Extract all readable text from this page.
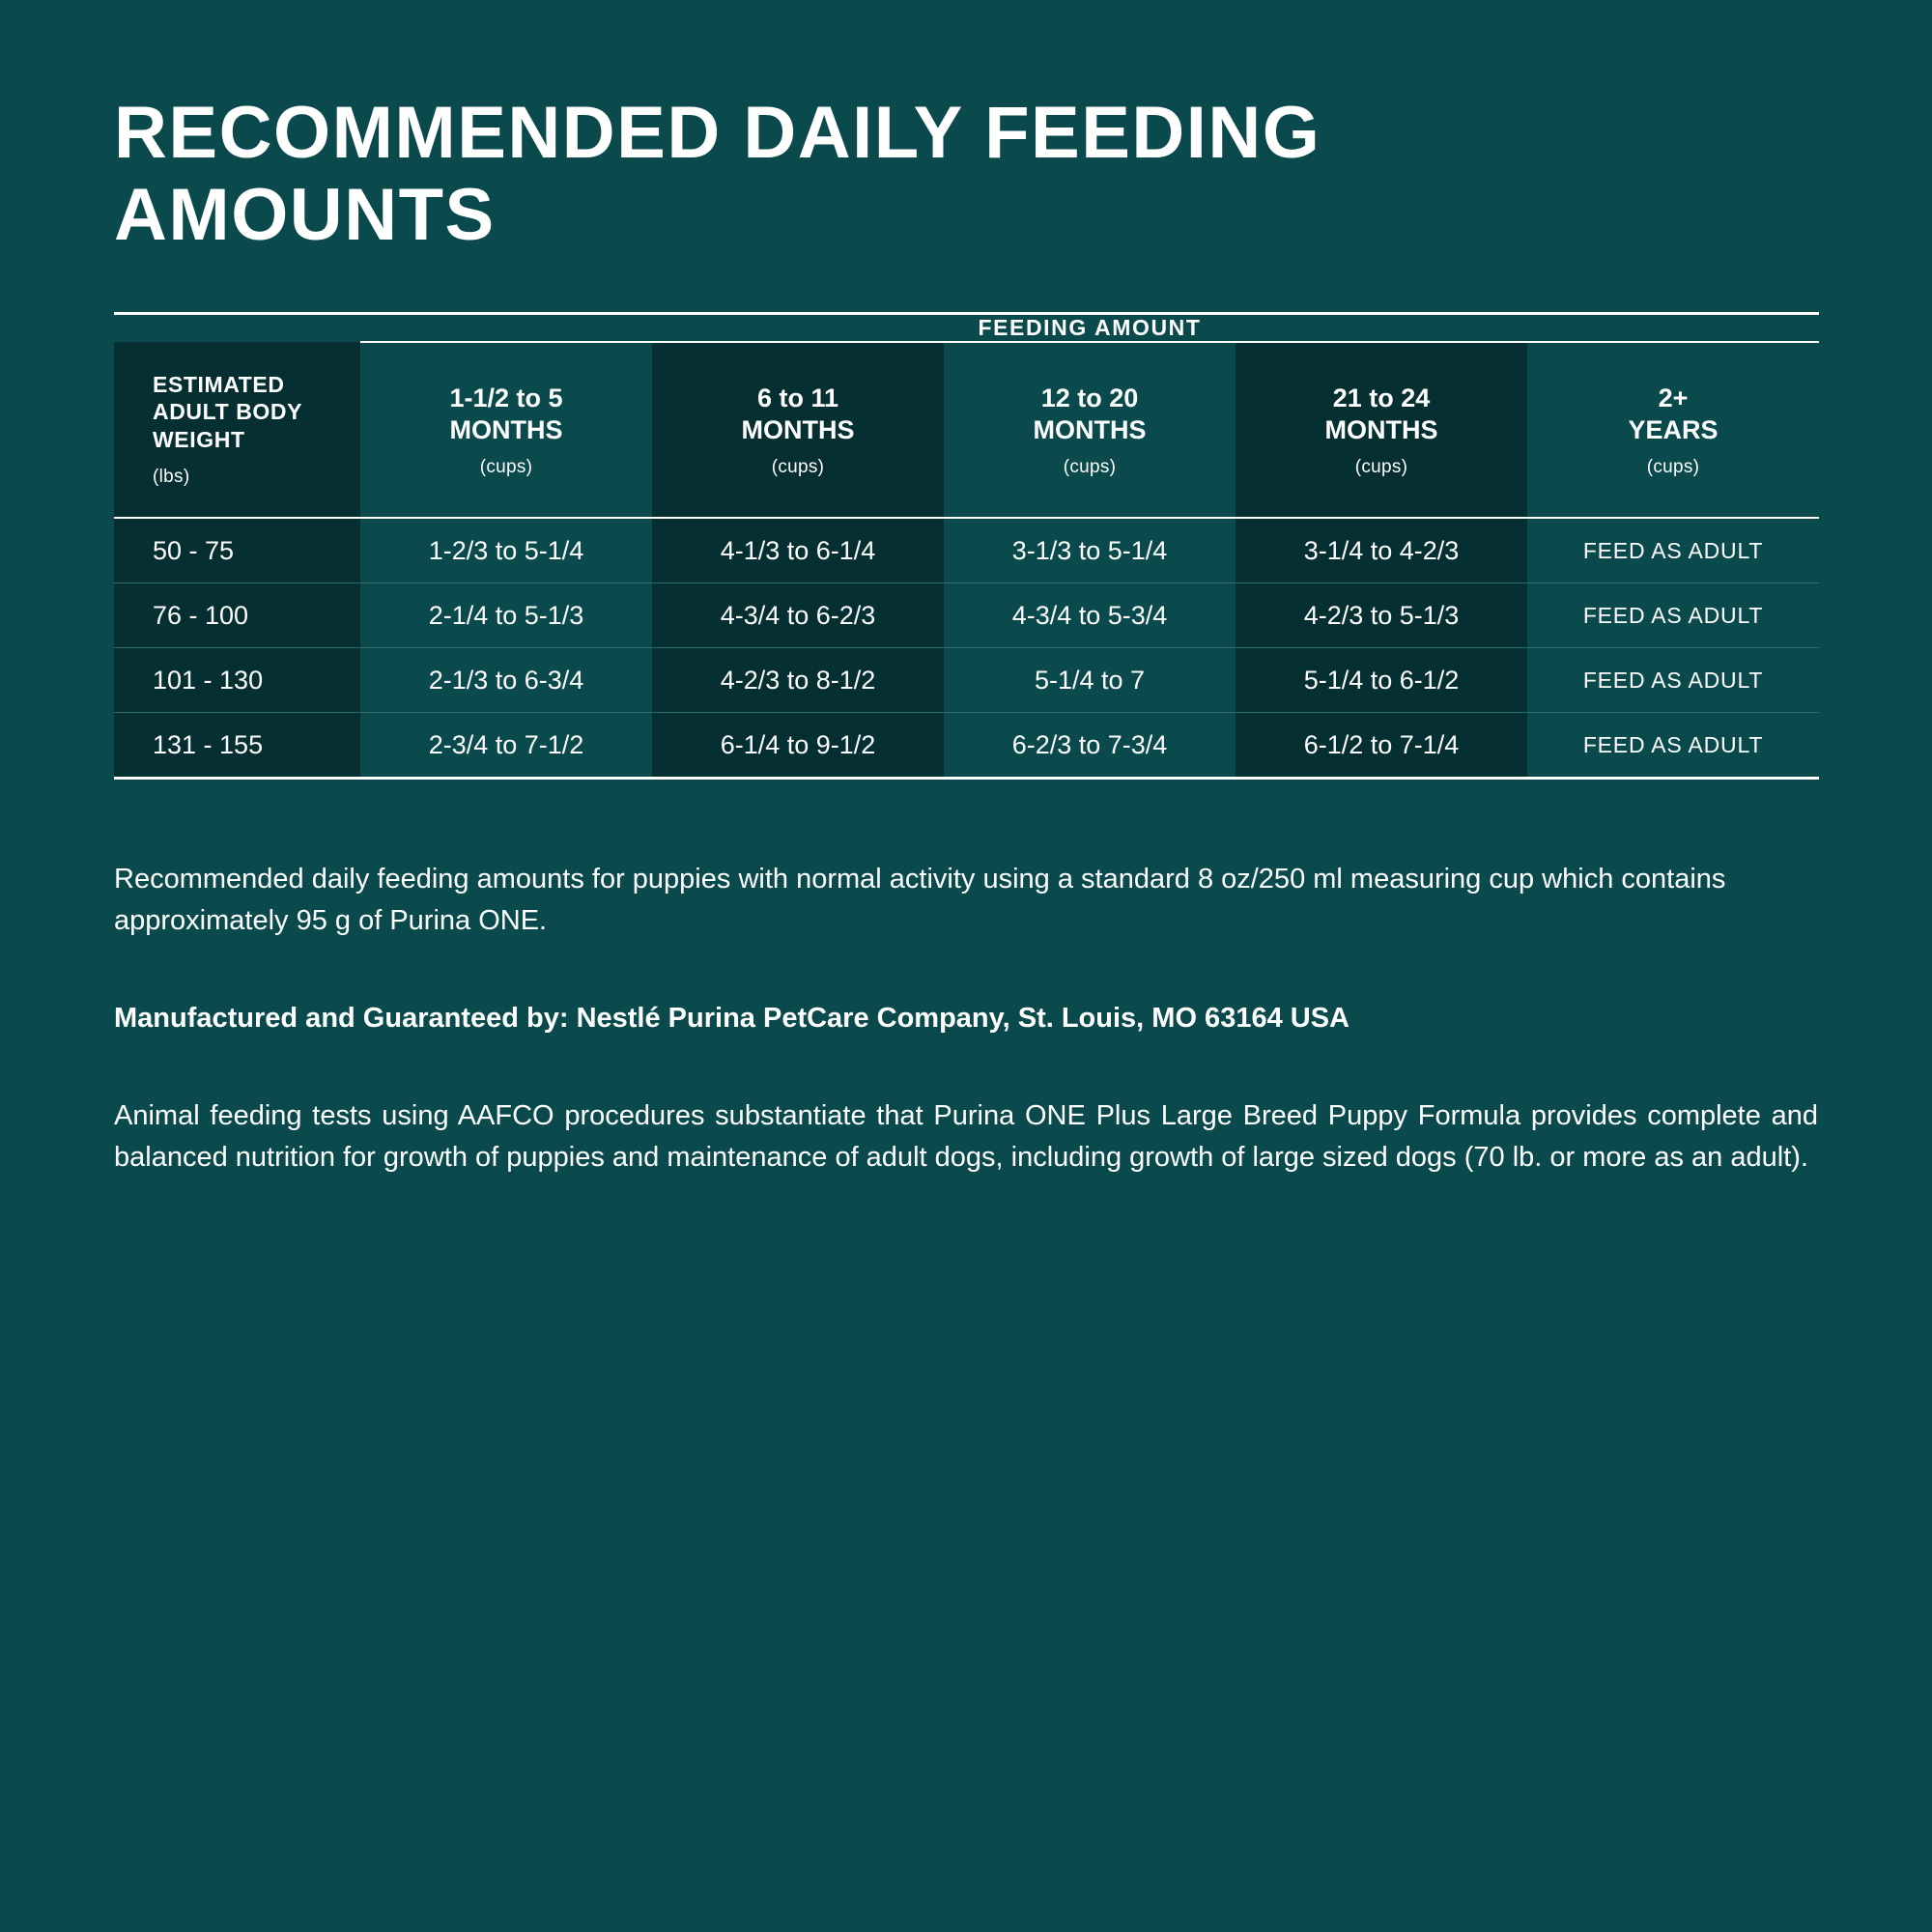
RECOMMENDED DAILY FEEDING AMOUNTS

	FEEDING AMOUNT				
ESTIMATED
ADULT BODY
WEIGHT
(lbs)	1-1/2 to 5
MONTHS
(cups)	6 to 11
MONTHS
(cups)	12 to 20
MONTHS
(cups)	21 to 24
MONTHS
(cups)	2+
YEARS
(cups)

50 - 75	1-2/3 to 5-1/4	4-1/3 to 6-1/4	3-1/3 to 5-1/4	3-1/4 to 4-2/3	FEED AS ADULT
76 - 100	2-1/4 to 5-1/3	4-3/4 to 6-2/3	4-3/4 to 5-3/4	4-2/3 to 5-1/3	FEED AS ADULT
101 - 130	2-1/3 to 6-3/4	4-2/3 to 8-1/2	5-1/4 to 7	5-1/4 to 6-1/2	FEED AS ADULT
131 - 155	2-3/4 to 7-1/2	6-1/4 to 9-1/2	6-2/3 to 7-3/4	6-1/2 to 7-1/4	FEED AS ADULT

Recommended daily feeding amounts for puppies with normal activity using a standard 8 oz/250 ml measuring cup which contains approximately 95 g of Purina ONE.

Manufactured and Guaranteed by: Nestlé Purina PetCare Company, St. Louis, MO 63164 USA

Animal feeding tests using AAFCO procedures substantiate that Purina ONE Plus Large Breed Puppy Formula provides complete and balanced nutrition for growth of puppies and maintenance of adult dogs, including growth of large sized dogs (70 lb. or more as an adult).
